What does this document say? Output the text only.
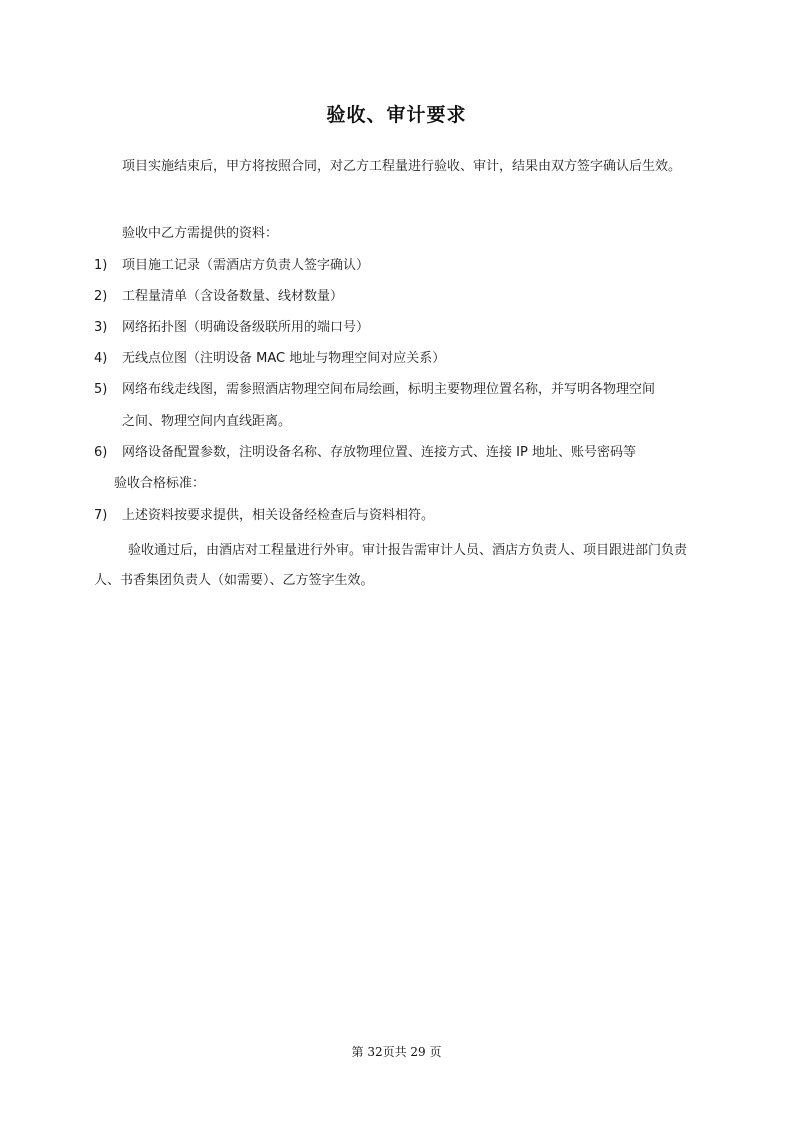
验收、审计要求
项目实施结束后，甲方将按照合同，对乙方工程量进行验收、审计，结果由双方签字确认后生效。
验收中乙方需提供的资料：
1) 项目施工记录（需酒店方负责人签字确认）
2) 工程量清单（含设备数量、线材数量）
3) 网络拓扑图（明确设备级联所用的端口号）
4) 无线点位图（注明设备 MAC 地址与物理空间对应关系）
5) 网络布线走线图，需参照酒店物理空间布局绘画，标明主要物理位置名称，并写明各物理空间
之间、物理空间内直线距离。
6) 网络设备配置参数，注明设备名称、存放物理位置、连接方式、连接 IP 地址、账号密码等
验收合格标准：
7) 上述资料按要求提供，相关设备经检查后与资料相符。
验收通过后，由酒店对工程量进行外审。审计报告需审计人员、酒店方负责人、项目跟进部门负责人、书香集团负责人（如需要）、乙方签字生效。
第 32页共 29 页
